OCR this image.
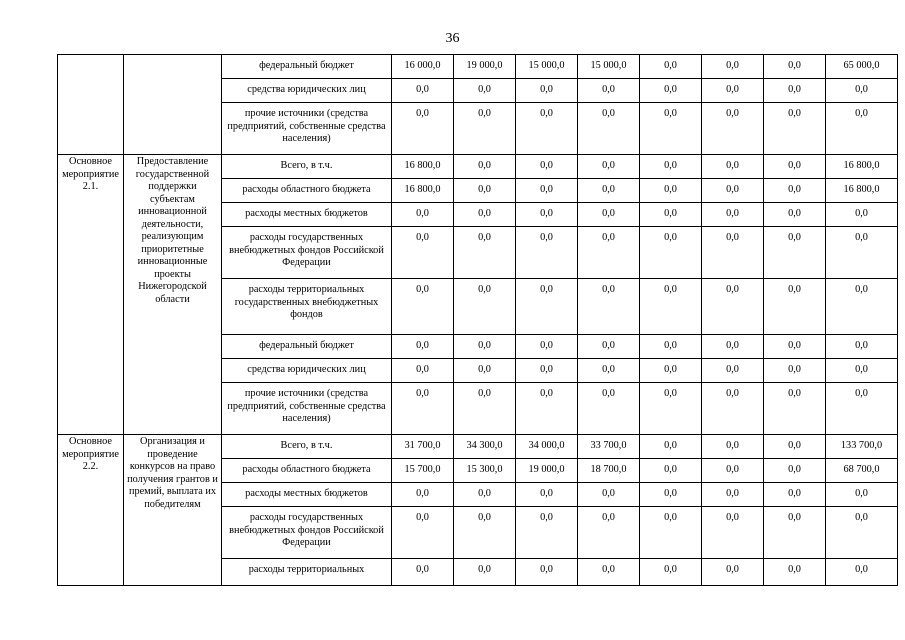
36
		федеральный бюджет	16 000,0	19 000,0	15 000,0	15 000,0	0,0	0,0	0,0	65 000,0
		средства юридических лиц	0,0	0,0	0,0	0,0	0,0	0,0	0,0	0,0
		прочие источники (средства предприятий, собственные средства населения)	0,0	0,0	0,0	0,0	0,0	0,0	0,0	0,0
Основное мероприятие 2.1.	Предоставление государственной поддержки субъектам инновационной деятельности, реализующим приоритетные инновационные проекты Нижегородской области	Всего, в т.ч.	16 800,0	0,0	0,0	0,0	0,0	0,0	0,0	16 800,0
		расходы областного бюджета	16 800,0	0,0	0,0	0,0	0,0	0,0	0,0	16 800,0
		расходы местных бюджетов	0,0	0,0	0,0	0,0	0,0	0,0	0,0	0,0
		расходы государственных внебюджетных фондов Российской Федерации	0,0	0,0	0,0	0,0	0,0	0,0	0,0	0,0
		расходы территориальных государственных внебюджетных фондов	0,0	0,0	0,0	0,0	0,0	0,0	0,0	0,0
		федеральный бюджет	0,0	0,0	0,0	0,0	0,0	0,0	0,0	0,0
		средства юридических лиц	0,0	0,0	0,0	0,0	0,0	0,0	0,0	0,0
		прочие источники (средства предприятий, собственные средства населения)	0,0	0,0	0,0	0,0	0,0	0,0	0,0	0,0
Основное мероприятие 2.2.	Организация и проведение конкурсов на право получения грантов и премий, выплата их победителям	Всего, в т.ч.	31 700,0	34 300,0	34 000,0	33 700,0	0,0	0,0	0,0	133 700,0
		расходы областного бюджета	15 700,0	15 300,0	19 000,0	18 700,0	0,0	0,0	0,0	68 700,0
		расходы местных бюджетов	0,0	0,0	0,0	0,0	0,0	0,0	0,0	0,0
		расходы государственных внебюджетных фондов Российской Федерации	0,0	0,0	0,0	0,0	0,0	0,0	0,0	0,0
		расходы территориальных	0,0	0,0	0,0	0,0	0,0	0,0	0,0	0,0
